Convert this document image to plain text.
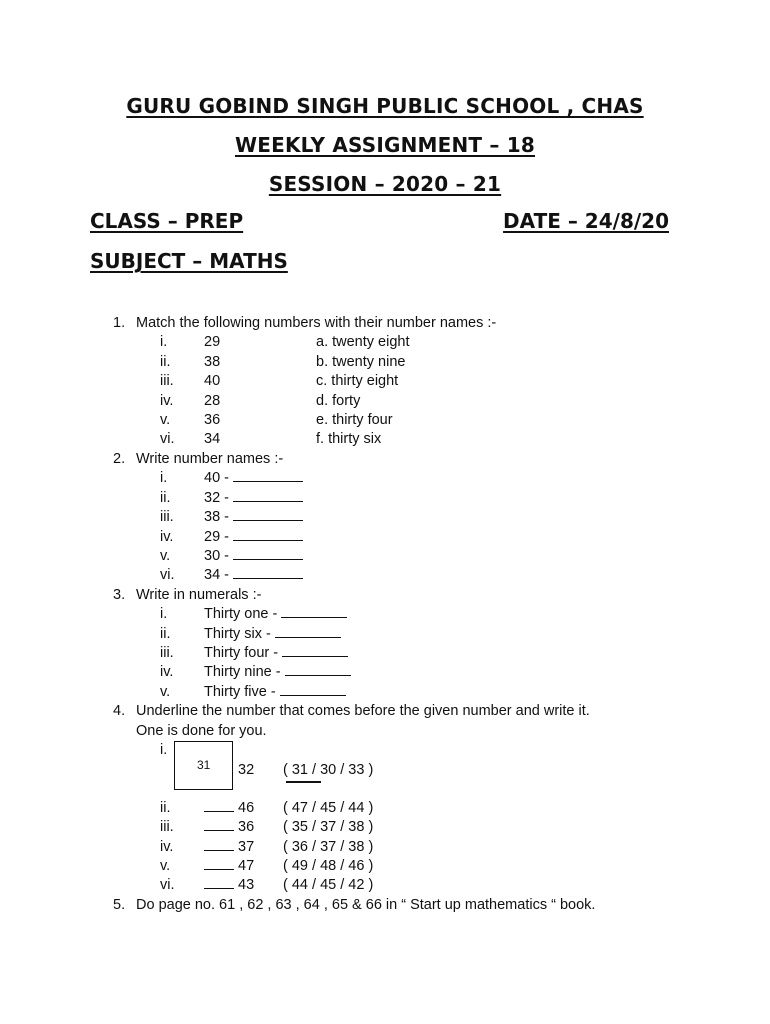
GURU GOBIND SINGH PUBLIC SCHOOL , CHAS
WEEKLY ASSIGNMENT – 18
SESSION – 2020 – 21
CLASS – PREP	DATE – 24/8/20
SUBJECT – MATHS
1. Match the following numbers with their number names :-
i.	29	a. twenty eight
ii. 38	b. twenty nine
iii. 40	c. thirty eight
iv. 28	d. forty
v. 36	e. thirty four
vi. 34	f. thirty six
2. Write number names :-
i.	40 -
ii. 32 -
iii. 38 -
iv. 29 -
v. 30 -
vi. 34 -
3. Write in numerals :-
i.	Thirty one -
ii. Thirty six -
iii. Thirty four -
iv. Thirty nine -
v. Thirty five -
4. Underline the number that comes before the given number and write it.
One is done for you.
i.
31 32 ( 31 / 30 / 33 )
ii.	46 ( 47 / 45 / 44 )
iii.	36 ( 35 / 37 / 38 )
iv.	37 ( 36 / 37 / 38 )
v.	47 ( 49 / 48 / 46 )
vi.	43 ( 44 / 45 / 42 )
5. Do page no. 61 , 62 , 63 , 64 , 65 & 66 in “ Start up mathematics “ book.
